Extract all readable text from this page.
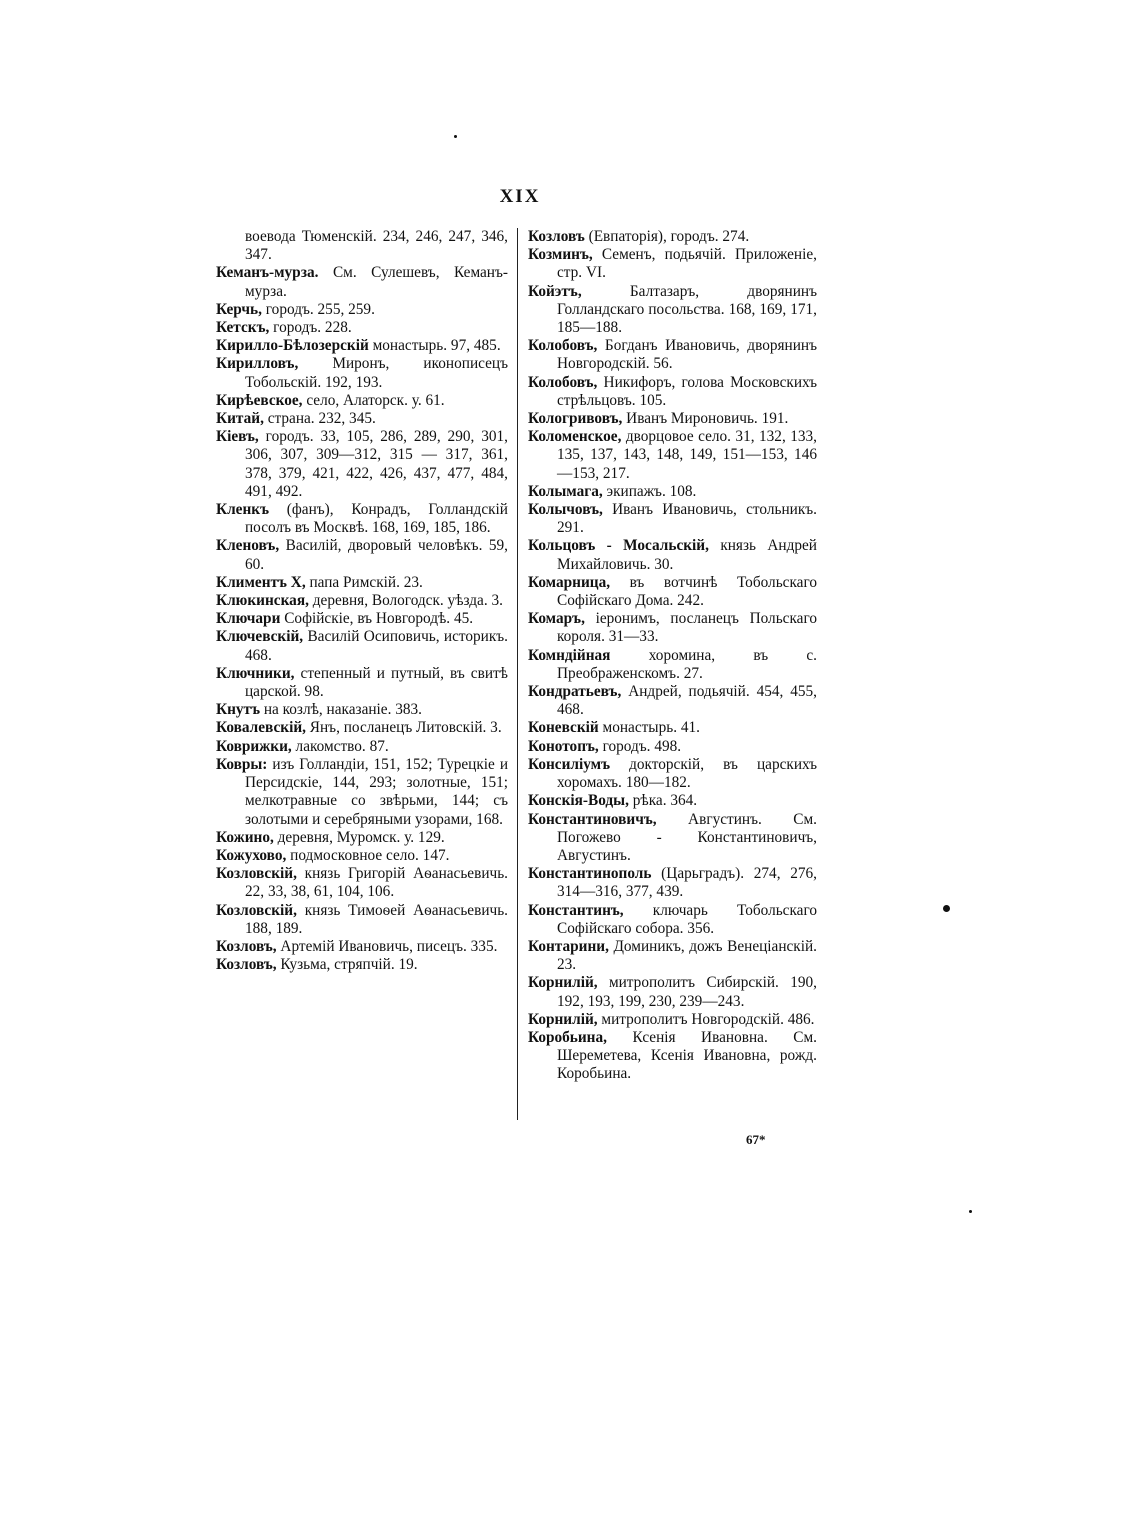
XIX

воевода Тюменскій. 234, 246, 247, 346, 347.

Кеманъ-мурза. См. Сулешевъ, Кеманъ-мурза.

Керчь, городъ. 255, 259.

Кетскъ, городъ. 228.

Кирилло-Бѣлозерскій монастырь. 97, 485.

Кирилловъ, Миронъ, иконописецъ Тобольскій. 192, 193.

Кирѣевское, село, Алаторск. у. 61.

Китай, страна. 232, 345.

Кіевъ, городъ. 33, 105, 286, 289, 290, 301, 306, 307, 309—312, 315 — 317, 361, 378, 379, 421, 422, 426, 437, 477, 484, 491, 492.

Кленкъ (фанъ), Конрадъ, Голландскій посолъ въ Москвѣ. 168, 169, 185, 186.

Кленовъ, Василій, дворовый человѣкъ. 59, 60.

Климентъ X, папа Римскій. 23.

Клюкинская, деревня, Вологодск. уѣзда. 3.

Ключари Софійскіе, въ Новгородѣ. 45.

Ключевскій, Василій Осиповичь, историкъ. 468.

Ключники, степенный и путный, въ свитѣ царской. 98.

Кнутъ на козлѣ, наказаніе. 383.

Ковалевскій, Янъ, посланецъ Литовскій. 3.

Коврижки, лакомство. 87.

Ковры: изъ Голландіи, 151, 152; Турецкіе и Персидскіе, 144, 293; золотные, 151; мелкотравные со звѣрьми, 144; съ золотыми и серебряными узорами, 168.

Кожино, деревня, Муромск. у. 129.

Кожухово, подмосковное село. 147.

Козловскій, князь Григорій Аѳанасьевичь. 22, 33, 38, 61, 104, 106.

Козловскій, князь Тимоѳей Аѳанасьевичь. 188, 189.

Козловъ, Артемій Ивановичь, писецъ. 335.

Козловъ, Кузьма, стряпчій. 19.

Козловъ (Евпаторія), городъ. 274.

Козминъ, Семенъ, подьячій. Приложеніе, стр. VI.

Койэтъ, Балтазаръ, дворянинъ Голландскаго посольства. 168, 169, 171, 185—188.

Колобовъ, Богданъ Ивановичь, дворянинъ Новгородскій. 56.

Колобовъ, Никифоръ, голова Московскихъ стрѣльцовъ. 105.

Кологривовъ, Иванъ Мироновичь. 191.

Коломенское, дворцовое село. 31, 132, 133, 135, 137, 143, 148, 149, 151—153, 146—153, 217.

Колымага, экипажъ. 108.

Колычовъ, Иванъ Ивановичь, стольникъ. 291.

Кольцовъ - Мосальскій, князь Андрей Михайловичь. 30.

Комарница, въ вотчинѣ Тобольскаго Софійскаго Дома. 242.

Комаръ, іеронимъ, посланецъ Польскаго короля. 31—33.

Комндійная хоромина, въ с. Преображенскомъ. 27.

Кондратьевъ, Андрей, подьячій. 454, 455, 468.

Коневскій монастырь. 41.

Конотопъ, городъ. 498.

Консиліумъ докторскій, въ царскихъ хоромахъ. 180—182.

Конскія-Воды, рѣка. 364.

Константиновичъ, Августинъ. См. Погожево - Константиновичъ, Августинъ.

Константинополь (Царьградъ). 274, 276, 314—316, 377, 439.

Константинъ, ключарь Тобольскаго Софійскаго собора. 356.

Контарини, Доминикъ, дожъ Венеціанскій. 23.

Корнилій, митрополитъ Сибирскій. 190, 192, 193, 199, 230, 239—243.

Корнилій, митрополитъ Новгородскій. 486.

Коробьина, Ксенія Ивановна. См. Шереметева, Ксенія Ивановна, рожд. Коробьина.

67*
